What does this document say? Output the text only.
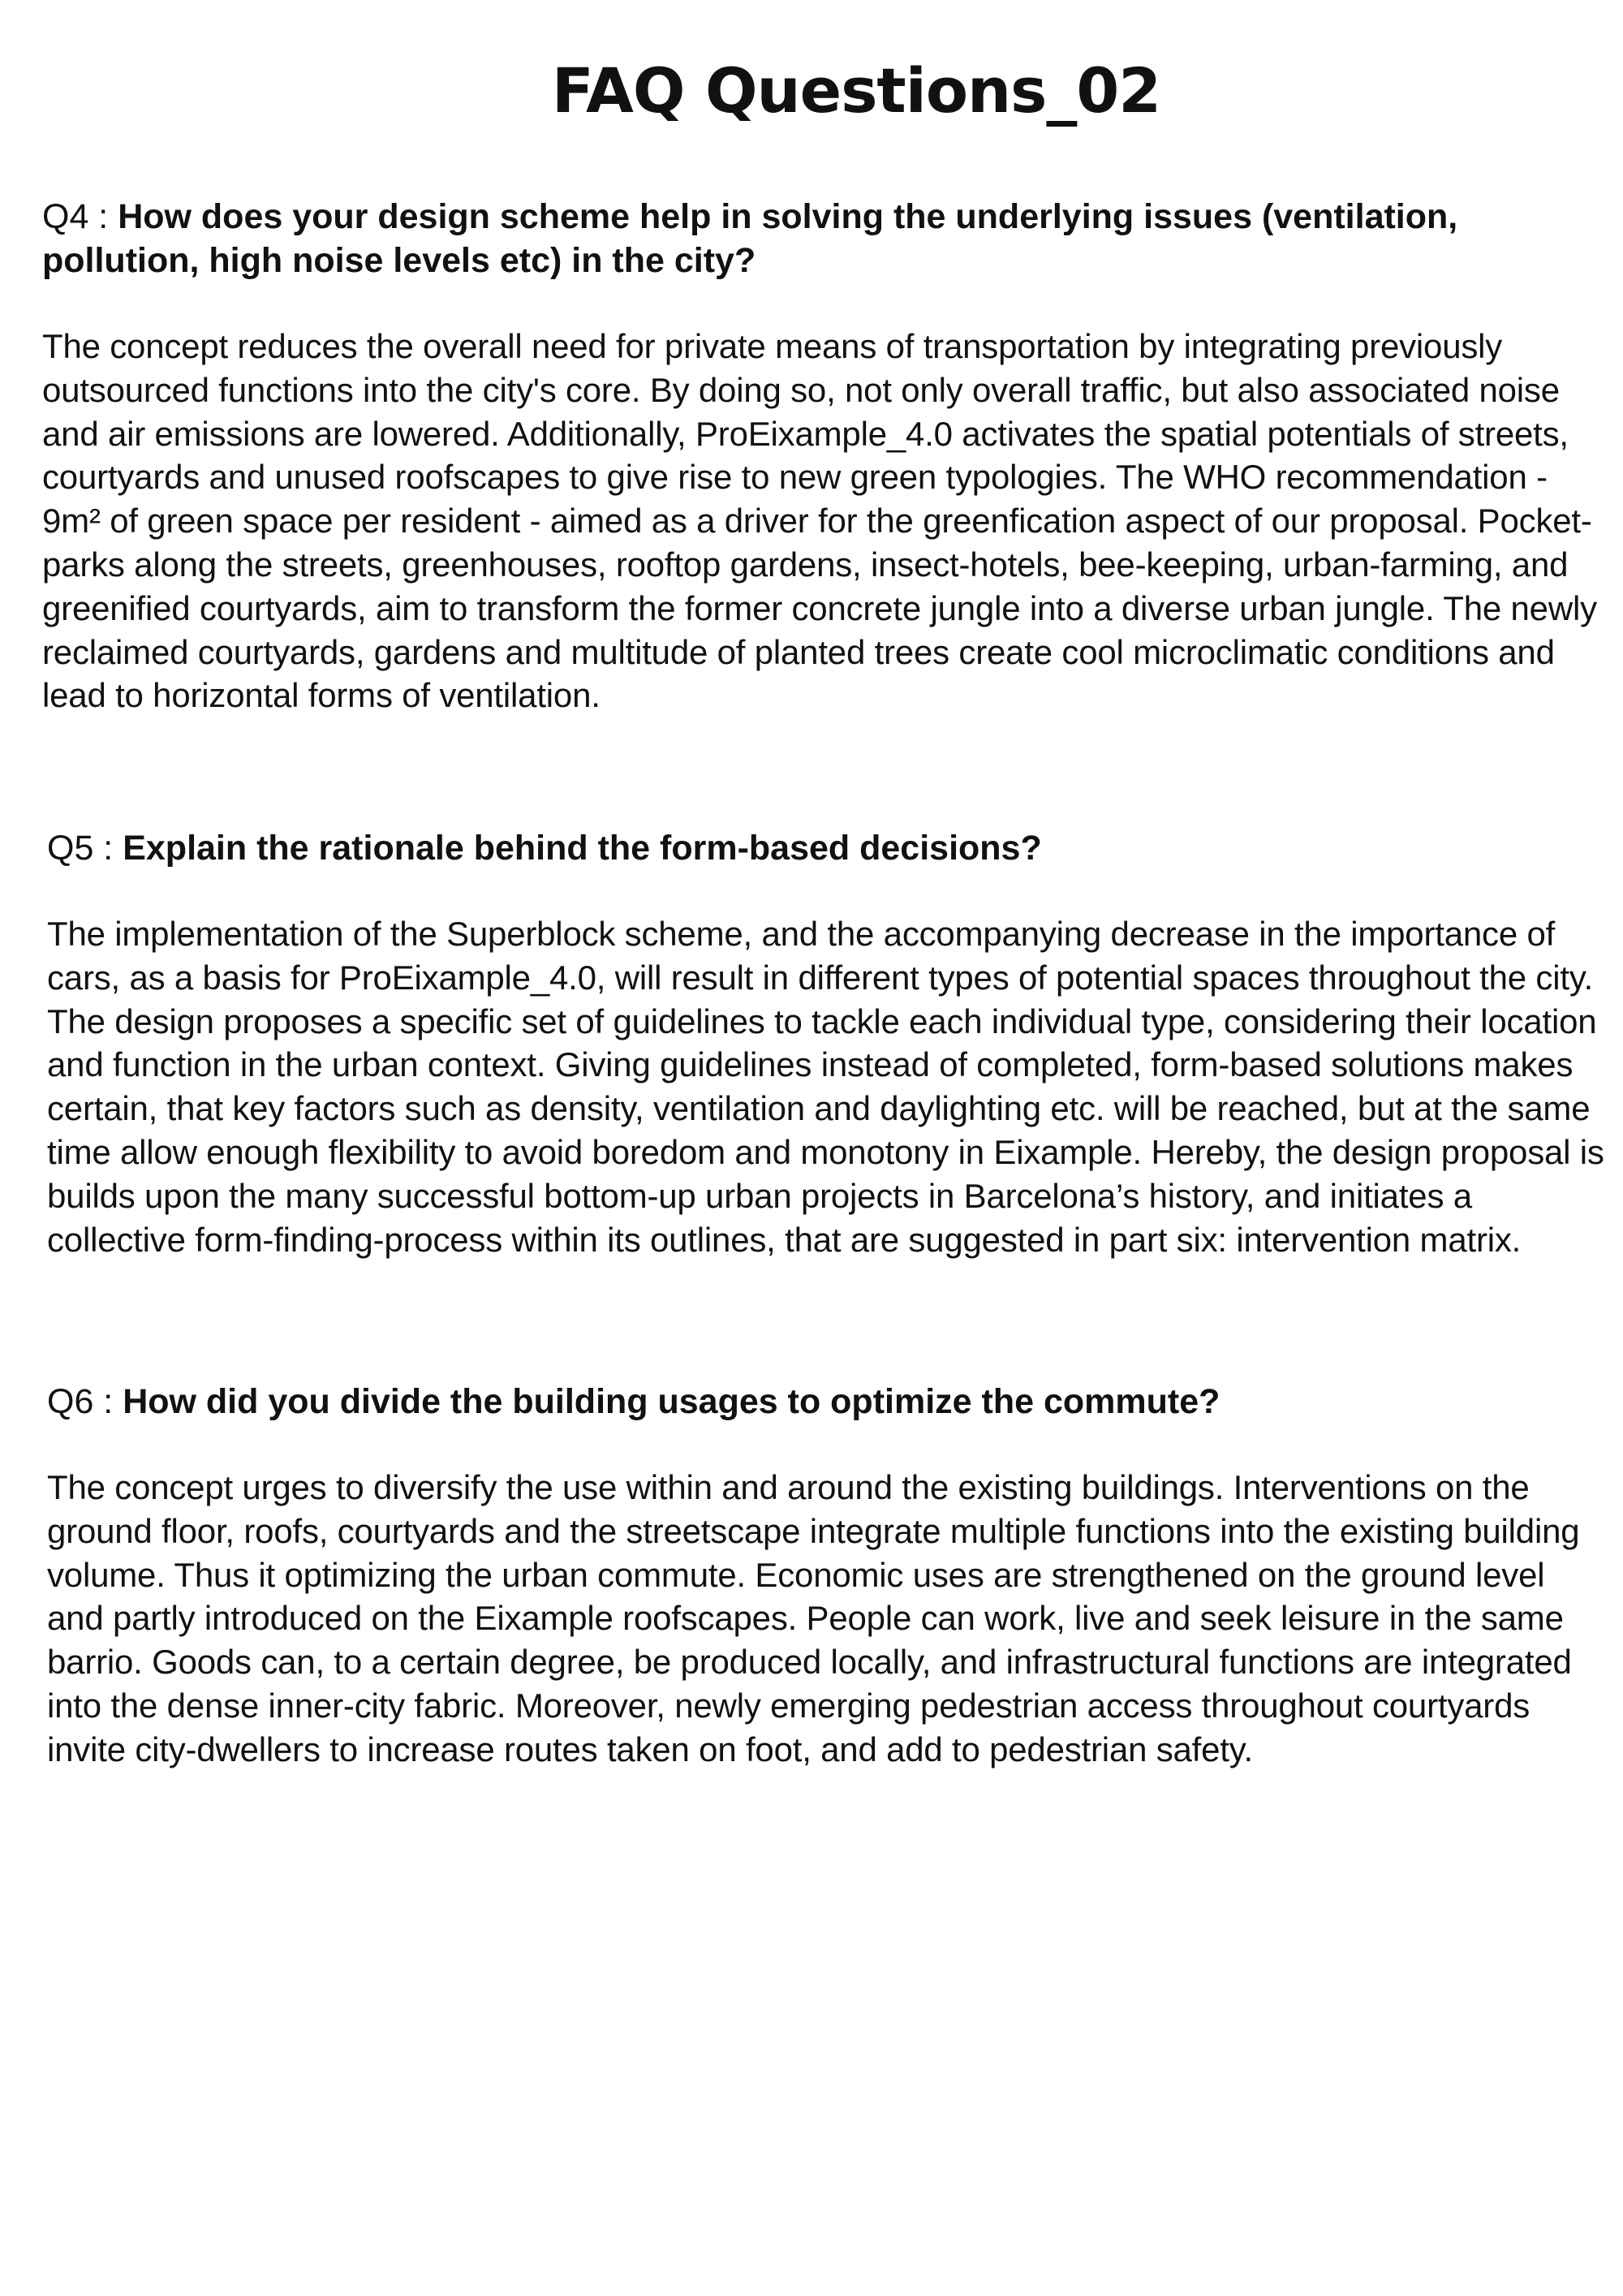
FAQ Questions_02

Q4 : How does your design scheme help in solving the underlying issues (ventilation, pollution, high noise levels etc) in the city?

The concept reduces the overall need for private means of transportation by integrating previously outsourced functions into the city's core. By doing so, not only overall traffic, but also associated noise and air emissions are lowered. Additionally, ProEixample_4.0 activates the spatial potentials of streets, courtyards and unused roofscapes to give rise to new green typologies. The WHO recommendation - 9m² of green space per resident - aimed as a driver for the greenfication aspect of our proposal. Pocket-parks along the streets, greenhouses, rooftop gardens, insect-hotels, bee-keeping, urban-farming, and greenified courtyards, aim to transform the former concrete jungle into a diverse urban jungle. The newly reclaimed courtyards, gardens and multitude of planted trees create cool microclimatic conditions and lead to horizontal forms of ventilation.

Q5 : Explain the rationale behind the form-based decisions?

The implementation of the Superblock scheme, and the accompanying decrease in the importance of cars, as a basis for ProEixample_4.0, will result in different types of potential spaces throughout the city. The design proposes a specific set of guidelines to tackle each individual type, considering their location and function in the urban context. Giving guidelines instead of completed, form-based solutions makes certain, that key factors such as density, ventilation and daylighting etc. will be reached, but at the same time allow enough flexibility to avoid boredom and monotony in Eixample. Hereby, the design proposal is builds upon the many successful bottom-up urban projects in Barcelona’s history, and initiates a collective form-finding-process within its outlines, that are suggested in part six: intervention matrix.

Q6 : How did you divide the building usages to optimize the commute?

The concept urges to diversify the use within and around the existing buildings. Interventions on the ground floor, roofs, courtyards and the streetscape integrate multiple functions into the existing building volume. Thus it optimizing the urban commute. Economic uses are strengthened on the ground level and partly introduced on the Eixample roofscapes. People can work, live and seek leisure in the same barrio. Goods can, to a certain degree, be produced locally, and infrastructural functions are integrated into the dense inner-city fabric. Moreover, newly emerging pedestrian access throughout courtyards invite city-dwellers to increase routes taken on foot, and add to pedestrian safety.
